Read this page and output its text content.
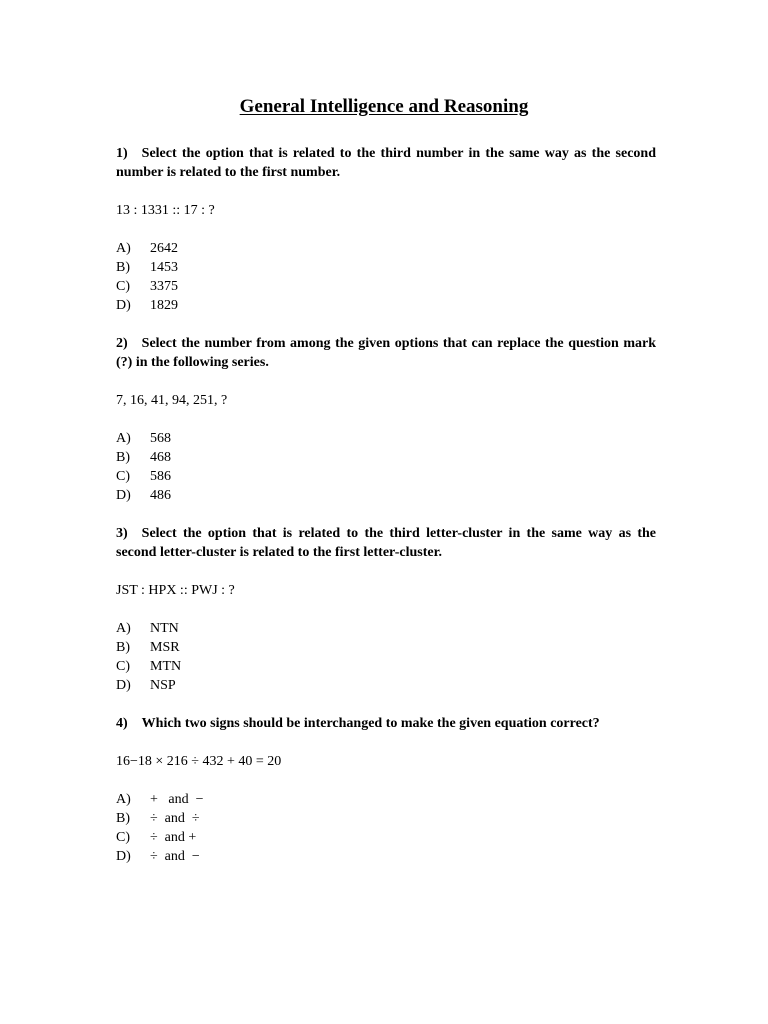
General Intelligence and Reasoning
1) Select the option that is related to the third number in the same way as the second number is related to the first number.
13 : 1331 :: 17 : ?
A) 2642
B) 1453
C) 3375
D) 1829
2) Select the number from among the given options that can replace the question mark (?) in the following series.
7, 16, 41, 94, 251, ?
A) 568
B) 468
C) 586
D) 486
3) Select the option that is related to the third letter-cluster in the same way as the second letter-cluster is related to the first letter-cluster.
JST : HPX :: PWJ : ?
A) NTN
B) MSR
C) MTN
D) NSP
4) Which two signs should be interchanged to make the given equation correct?
16−18 × 216 ÷ 432 + 40 = 20
A) +   and  −
B) ÷  and  ÷
C) ÷  and +
D) ÷  and  −
